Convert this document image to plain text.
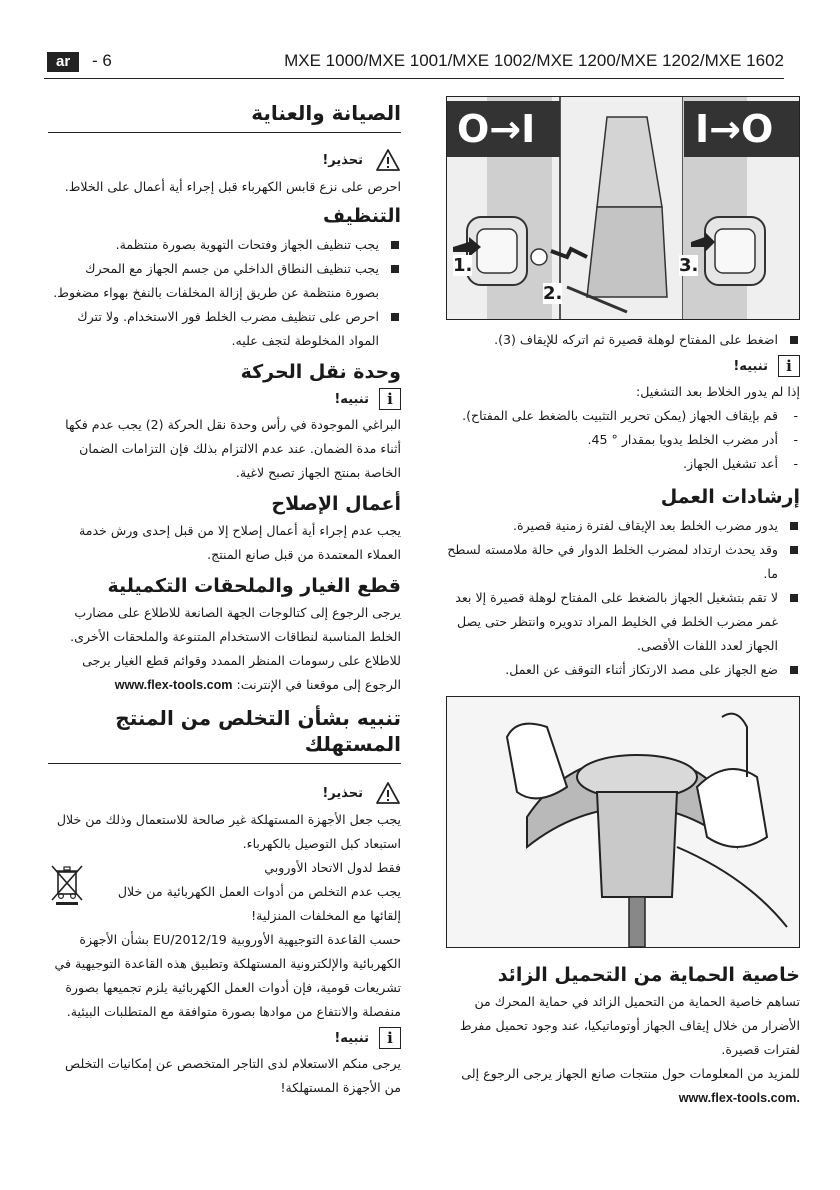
ar	- 6	MXE 1000/MXE 1001/MXE 1002/MXE 1200/MXE 1202/MXE 1602
O→I	I→O
1.
2.
3.
اضغط على المفتاح لوهلة قصيرة ثم اتركه للإيقاف (3).
i
تنبيه!

إذا لم يدور الخلاط بعد التشغيل:

- قم بإيقاف الجهاز (يمكن تحرير التثبيت بالضغط على المفتاح).
- أدر مضرب الخلط يدويا بمقدار ° 45.
- أعد تشغيل الجهاز.
إرشادات العمل
يدور مضرب الخلط بعد الإيقاف لفترة زمنية قصيرة.
وقد يحدث ارتداد لمضرب الخلط الدوار في حالة ملامسته لسطح ما.
لا تقم بتشغيل الجهاز بالضغط على المفتاح لوهلة قصيرة إلا بعد غمر مضرب الخلط في الخليط المراد تدويره وانتظر حتى يصل الجهاز لعدد اللفات الأقصى.
ضع الجهاز على مصد الارتكاز أثناء التوقف عن العمل.
خاصية الحماية من التحميل الزائد

تساهم خاصية الحماية من التحميل الزائد في حماية المحرك من الأضرار من خلال إيقاف الجهاز أوتوماتيكيا، عند وجود تحميل مفرط لفترات قصيرة.

للمزيد من المعلومات حول منتجات صانع الجهاز يرجى الرجوع إلى www.flex-tools.com.

الصيانة والعناية
تحذير!

احرص على نزع قابس الكهرباء قبل إجراء أية أعمال على الخلاط.

التنظيف
يجب تنظيف الجهاز وفتحات التهوية بصورة منتظمة.
يجب تنظيف النطاق الداخلي من جسم الجهاز مع المحرك بصورة منتظمة عن طريق إزالة المخلفات بالنفخ بهواء مضغوط.
احرص على تنظيف مضرب الخلط فور الاستخدام. ولا تترك المواد المخلوطة لتجف عليه.
وحدة نقل الحركة
i
تنبيه!

البراغي الموجودة في رأس وحدة نقل الحركة (2) يجب عدم فكها أثناء مدة الضمان. عند عدم الالتزام بذلك فإن التزامات الضمان الخاصة بمنتج الجهاز تصبح لاغية.

أعمال الإصلاح

يجب عدم إجراء أية أعمال إصلاح إلا من قبل إحدى ورش خدمة العملاء المعتمدة من قبل صانع المنتج.

قطع الغيار والملحقات التكميلية

يرجى الرجوع إلى كتالوجات الجهة الصانعة للاطلاع على مضارب الخلط المناسبة لنطاقات الاستخدام المتنوعة والملحقات الأخرى.

للاطلاع على رسومات المنظر الممدد وقوائم قطع الغيار يرجى الرجوع إلى موقعنا في الإنترنت: www.flex-tools.com

تنبيه بشأن التخلص من المنتج المستهلك
تحذير!

يجب جعل الأجهزة المستهلكة غير صالحة للاستعمال وذلك من خلال استبعاد كبل التوصيل بالكهرباء.

فقط لدول الاتحاد الأوروبي

يجب عدم التخلص من أدوات العمل الكهربائية من خلال إلقائها مع المخلفات المنزلية!

حسب القاعدة التوجيهية الأوروبية 2012/19/EU بشأن الأجهزة الكهربائية والإلكترونية المستهلكة وتطبيق هذه القاعدة التوجيهية في تشريعات قومية، فإن أدوات العمل الكهربائية يلزم تجميعها بصورة منفصلة والانتفاع من موادها بصورة متوافقة مع المتطلبات البيئية.

i
تنبيه!

يرجى منكم الاستعلام لدى التاجر المتخصص عن إمكانيات التخلص من الأجهزة المستهلكة!
